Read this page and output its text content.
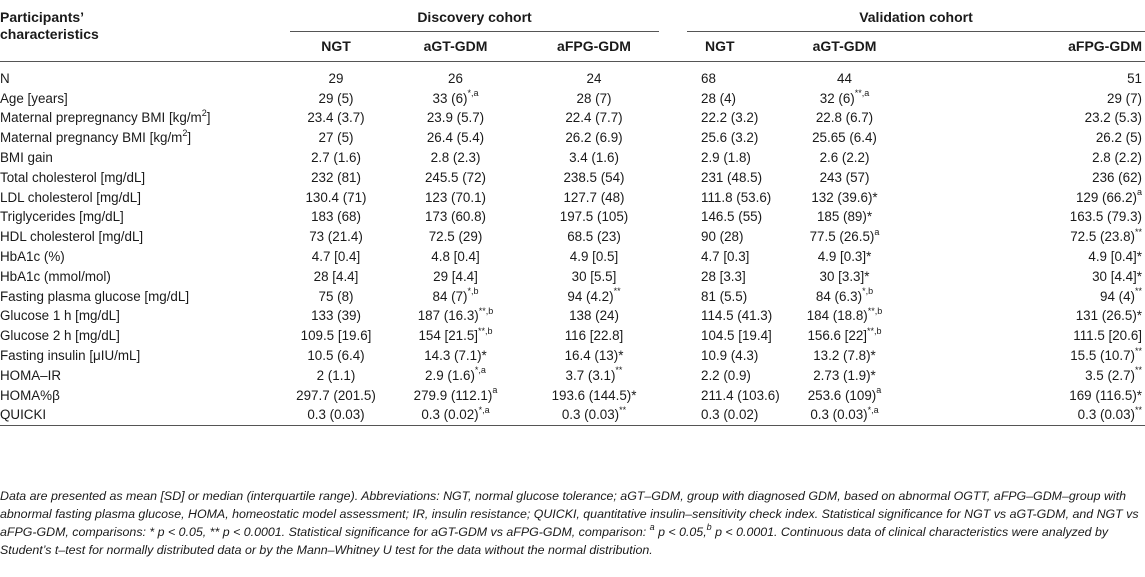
Participants’
characteristics	Discovery cohort				Validation cohort		
	NGT	aGT-GDM	aFPG-GDM		NGT	aGT-GDM	aFPG-GDM

N	29	26	24		68	44	51
Age [years]	29 (5)	33 $(6)^{*,a}$	28 (7)		28 (4)	32 $(6)^{**,a}$	29 (7)
Maternal prepregnancy BMI $[kg/m^2]$	23.4 (3.7)	23.9 (5.7)	22.4 (7.7)		22.2 (3.2)	22.8 (6.7)	23.2 (5.3)
Maternal pregnancy BMI $[kg/m^2]$	27 (5)	26.4 (5.4)	26.2 (6.9)		25.6 (3.2)	25.65 (6.4)	26.2 (5)
BMI gain	2.7 (1.6)	2.8 (2.3)	3.4 (1.6)		2.9 (1.8)	2.6 (2.2)	2.8 (2.2)
Total cholesterol [mg/dL]	232 (81)	245.5 (72)	238.5 (54)		231 (48.5)	243 (57)	236 (62)
LDL cholesterol [mg/dL]	130.4 (71)	123 (70.1)	127.7 (48)		111.8 (53.6)	132 (39.6)*	129 $(66.2)^a$
Triglycerides [mg/dL]	183 (68)	173 (60.8)	197.5 (105)		146.5 (55)	185 (89)*	163.5 (79.3)
HDL cholesterol [mg/dL]	73 (21.4)	72.5 (29)	68.5 (23)		90 (28)	77.5 $(26.5)^a$	72.5 (23.8)**
HbA1c (%)	4.7 [0.4]	4.8 [0.4]	4.9 [0.5]		4.7 [0.3]	4.9 [0.3]*	4.9 [0.4]*
HbA1c (mmol/mol)	28 [4.4]	29 [4.4]	30 [5.5]		28 [3.3]	30 [3.3]*	30 [4.4]*
Fasting plasma glucose [mg/dL]	75 (8)	84 $(7)^{*,b}$	94 (4.2)**		81 (5.5)	84 $(6.3)^{*,b}$	94 (4)**
Glucose 1 h [mg/dL]	133 (39)	187 $(16.3)^{**,b}$	138 (24)		114.5 (41.3)	184 $(18.8)^{**,b}$	131 (26.5)*
Glucose 2 h [mg/dL]	109.5 [19.6]	154 $[21.5]^{**,b}$	116 [22.8]		104.5 [19.4]	156.6 $[22]^{**,b}$	111.5 [20.6]
Fasting insulin [μIU/mL]	10.5 (6.4)	14.3 (7.1)*	16.4 (13)*		10.9 (4.3)	13.2 (7.8)*	15.5 (10.7)**
HOMA–IR	2 (1.1)	2.9 $(1.6)^{*,a}$	3.7 (3.1)**		2.2 (0.9)	2.73 (1.9)*	3.5 (2.7)**
HOMA%β	297.7 (201.5)	279.9 $(112.1)^a$	193.6 (144.5)*		211.4 (103.6)	253.6 $(109)^a$	169 (116.5)*
QUICKI	0.3 (0.03)	0.3 $(0.02)^{*,a}$	0.3 (0.03)**		0.3 (0.02)	0.3 $(0.03)^{*,a}$	0.3 (0.03)**
Data are presented as mean [SD] or median (interquartile range). Abbreviations: NGT, normal glucose tolerance; aGT–GDM, group with diagnosed GDM, based on abnormal OGTT, aFPG–GDM–group with abnormal fasting plasma glucose, HOMA, homeostatic model assessment; IR, insulin resistance; QUICKI, quantitative insulin–sensitivity check index. Statistical significance for NGT vs aGT-GDM, and NGT vs aFPG-GDM, comparisons: * p < 0.05, ** p < 0.0001. Statistical significance for aGT-GDM vs aFPG-GDM, comparison: $^a$ p < 0.05,$^b$ p < 0.0001. Continuous data of clinical characteristics were analyzed by Student’s t–test for normally distributed data or by the Mann–Whitney U test for the data without the normal distribution.
